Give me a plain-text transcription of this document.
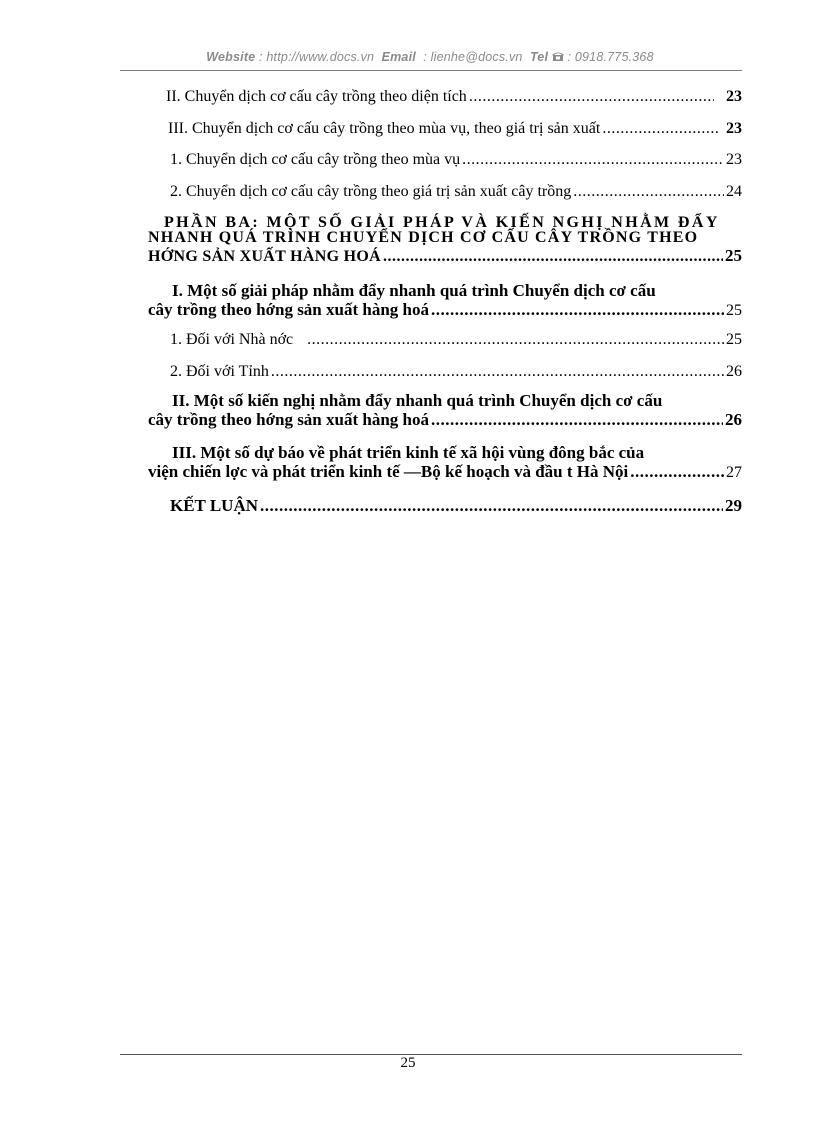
Website : http://www.docs.vn Email : lienhe@docs.vn Tel : 0918.775.368
II. Chuyển dịch cơ cấu cây trồng theo diện tích .....	23
III. Chuyển dịch cơ cấu cây trồng theo mùa vụ, theo giá trị sản xuất .....	23
1. Chuyển dịch cơ cấu cây trồng theo mùa vụ .....	23
2. Chuyển dịch cơ cấu cây trồng theo giá trị sản xuất cây trồng .....	24
PHẦN BA: MỘT SỐ GIẢI PHÁP VÀ KIẾN NGHỊ NHẰM ĐẨY
NHANH QUÁ TRÌNH CHUYỂN DỊCH CƠ CẤU CÂY TRỒNG THEO
HỚNG SẢN XUẤT HÀNG HOÁ .....	25
I. Một số giải pháp nhằm đẩy nhanh quá trình Chuyển dịch cơ cấu
cây trồng theo hớng sản xuất hàng hoá .....	25
1. Đối với Nhà nớc .....	25
2. Đối với Tỉnh .....	26
II. Một số kiến nghị nhằm đẩy nhanh quá trình Chuyển dịch cơ cấu
cây trồng theo hớng sản xuất hàng hoá .....	26
III. Một số dự báo về phát triển kinh tế xã hội vùng đông bắc của
viện chiến lợc và phát triển kinh tế —Bộ kế hoạch và đầu t Hà Nội .....	27
KẾT LUẬN .....	29
25
